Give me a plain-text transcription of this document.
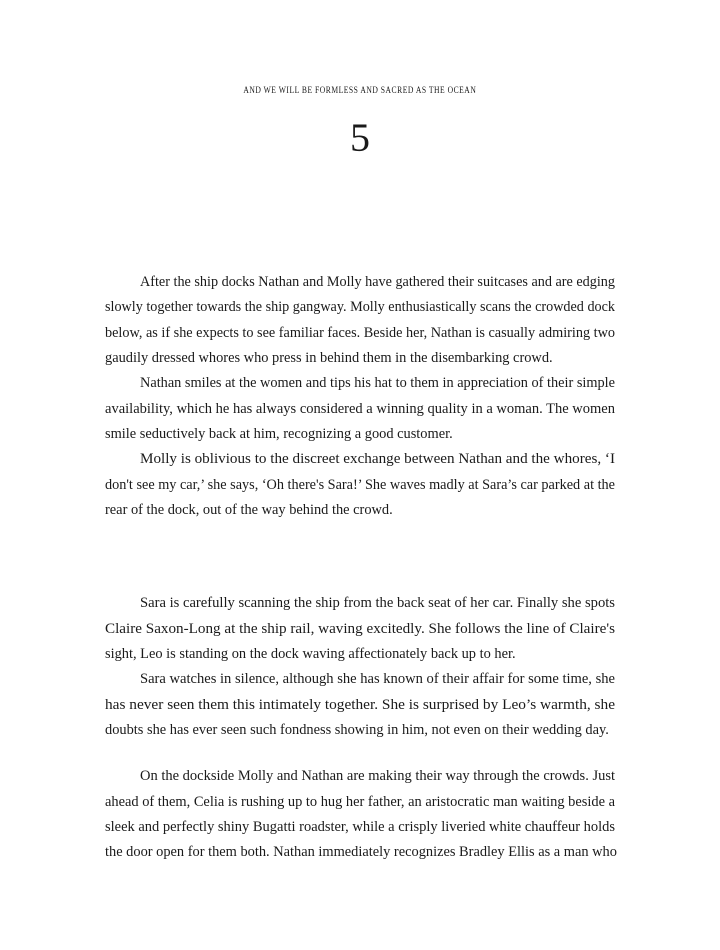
AND WE WILL BE FORMLESS AND SACRED AS THE OCEAN
5
After the ship docks Nathan and Molly have gathered their suitcases and are edging
slowly together towards the ship gangway. Molly enthusiastically scans the crowded dock
below, as if she expects to see familiar faces. Beside her, Nathan is casually admiring two
gaudily dressed whores who press in behind them in the disembarking crowd.
Nathan smiles at the women and tips his hat to them in appreciation of their simple
availability, which he has always considered a winning quality in a woman. The women
smile seductively back at him, recognizing a good customer.
Molly is oblivious to the discreet exchange between Nathan and the whores, ‘I
don't see my car,’ she says, ‘Oh there's Sara!’ She waves madly at Sara’s car parked at the
rear of the dock, out of the way behind the crowd.
Sara is carefully scanning the ship from the back seat of her car. Finally she spots
Claire Saxon-Long at the ship rail, waving excitedly. She follows the line of Claire's
sight, Leo is standing on the dock waving affectionately back up to her.
Sara watches in silence, although she has known of their affair for some time, she
has never seen them this intimately together. She is surprised by Leo’s warmth, she
doubts she has ever seen such fondness showing in him, not even on their wedding day.
On the dockside Molly and Nathan are making their way through the crowds. Just
ahead of them, Celia is rushing up to hug her father, an aristocratic man waiting beside a
sleek and perfectly shiny Bugatti roadster, while a crisply liveried white chauffeur holds
the door open for them both. Nathan immediately recognizes Bradley Ellis as a man who
